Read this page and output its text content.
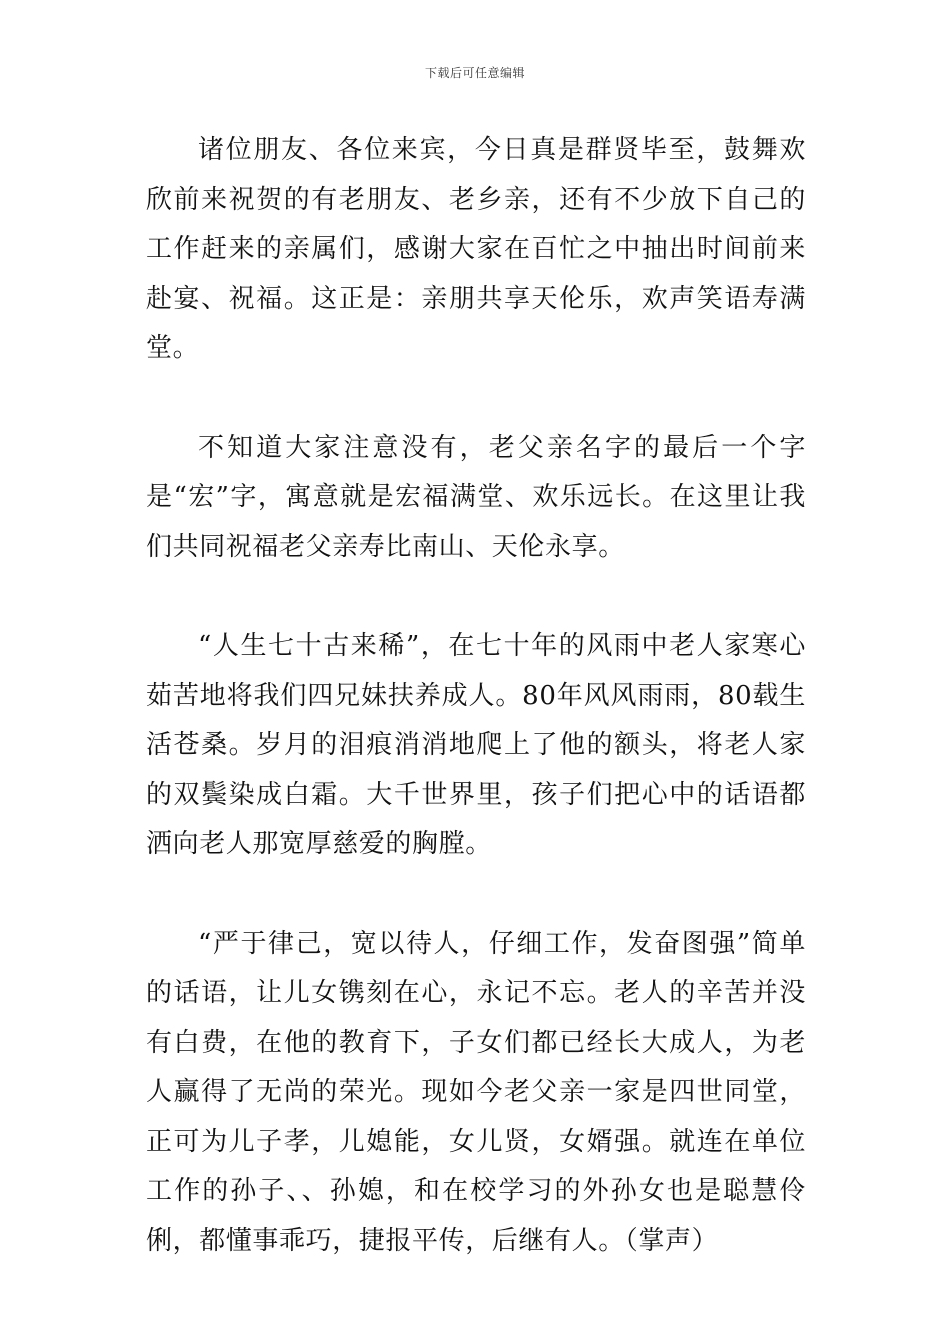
下载后可任意编辑

诸位朋友、各位来宾，今日真是群贤毕至，鼓舞欢欣前来祝贺的有老朋友、老乡亲，还有不少放下自己的工作赶来的亲属们，感谢大家在百忙之中抽出时间前来赴宴、祝福。这正是：亲朋共享天伦乐，欢声笑语寿满堂。

不知道大家注意没有，老父亲名字的最后一个字是“宏”字，寓意就是宏福满堂、欢乐远长。在这里让我们共同祝福老父亲寿比南山、天伦永享。

“人生七十古来稀”，在七十年的风雨中老人家寒心茹苦地将我们四兄妹扶养成人。80年风风雨雨，80载生活苍桑。岁月的泪痕消消地爬上了他的额头，将老人家的双鬓染成白霜。大千世界里，孩子们把心中的话语都洒向老人那宽厚慈爱的胸膛。

“严于律己，宽以待人，仔细工作，发奋图强”简单的话语，让儿女镌刻在心，永记不忘。老人的辛苦并没有白费，在他的教育下，子女们都已经长大成人，为老人赢得了无尚的荣光。现如今老父亲一家是四世同堂，正可为儿子孝，儿媳能，女儿贤，女婿强。就连在单位工作的孙子、、孙媳，和在校学习的外孙女也是聪慧伶俐，都懂事乖巧，捷报平传，后继有人。（掌声）
